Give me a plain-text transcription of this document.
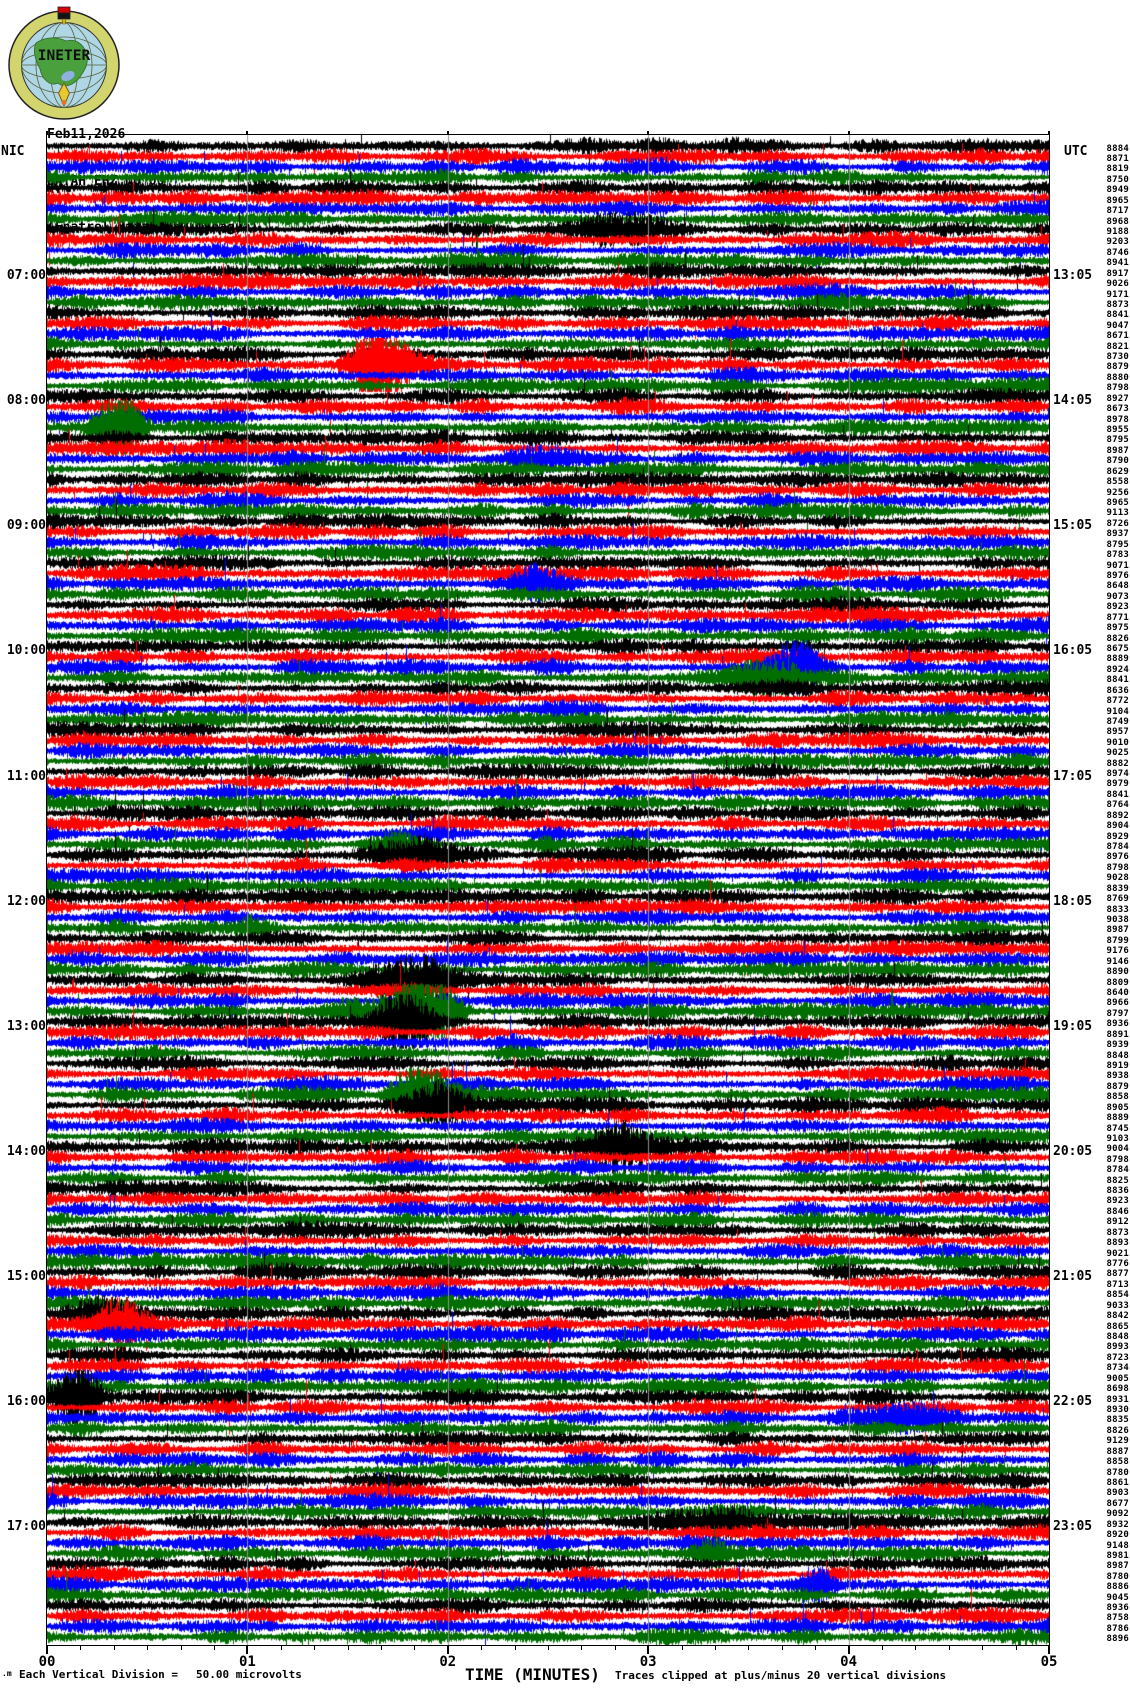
INETER

NIC	UTC
07:00
08:00
09:00
10:00
11:00
12:00
13:00
14:00
15:00
16:00
17:00
13:05
14:05
15:05
16:05
17:05
18:05
19:05
20:05
21:05
22:05
23:05
8884
8871
8819
8750
8949
8965
8717
8968
9188
9203
8746
8941
8917
9026
9171
8873
8841
9047
8671
8821
8730
8879
8880
8798
8927
8673
8978
8955
8795
8987
8790
8629
8558
9256
8965
9113
8726
8937
8795
8783
9071
8976
8648
9073
8923
8771
8975
8826
8675
8889
8924
8841
8636
8772
9104
8749
8957
9010
9025
8882
8974
8979
8841
8764
8892
8904
8929
8784
8976
8798
9028
8839
8769
8833
9038
8987
8799
9176
9146
8890
8809
8640
8966
8797
8936
8891
8939
8848
8919
8938
8879
8858
8905
8889
8745
9103
9004
8798
8784
8825
8836
8923
8846
8912
8873
8893
9021
8776
8877
8713
8854
9033
8842
8865
8848
8993
8723
8734
9005
8698
8931
8930
8835
8826
9129
8887
8858
8780
8861
8903
8677
9092
8932
8920
9148
8981
8987
8780
8886
9045
8936
8758
8786
8896
00	01	02	03	04	05
.m Each Vertical Division = 50.00 microvolts	TIME (MINUTES) Traces clipped at plus/minus 20 vertical divisions
